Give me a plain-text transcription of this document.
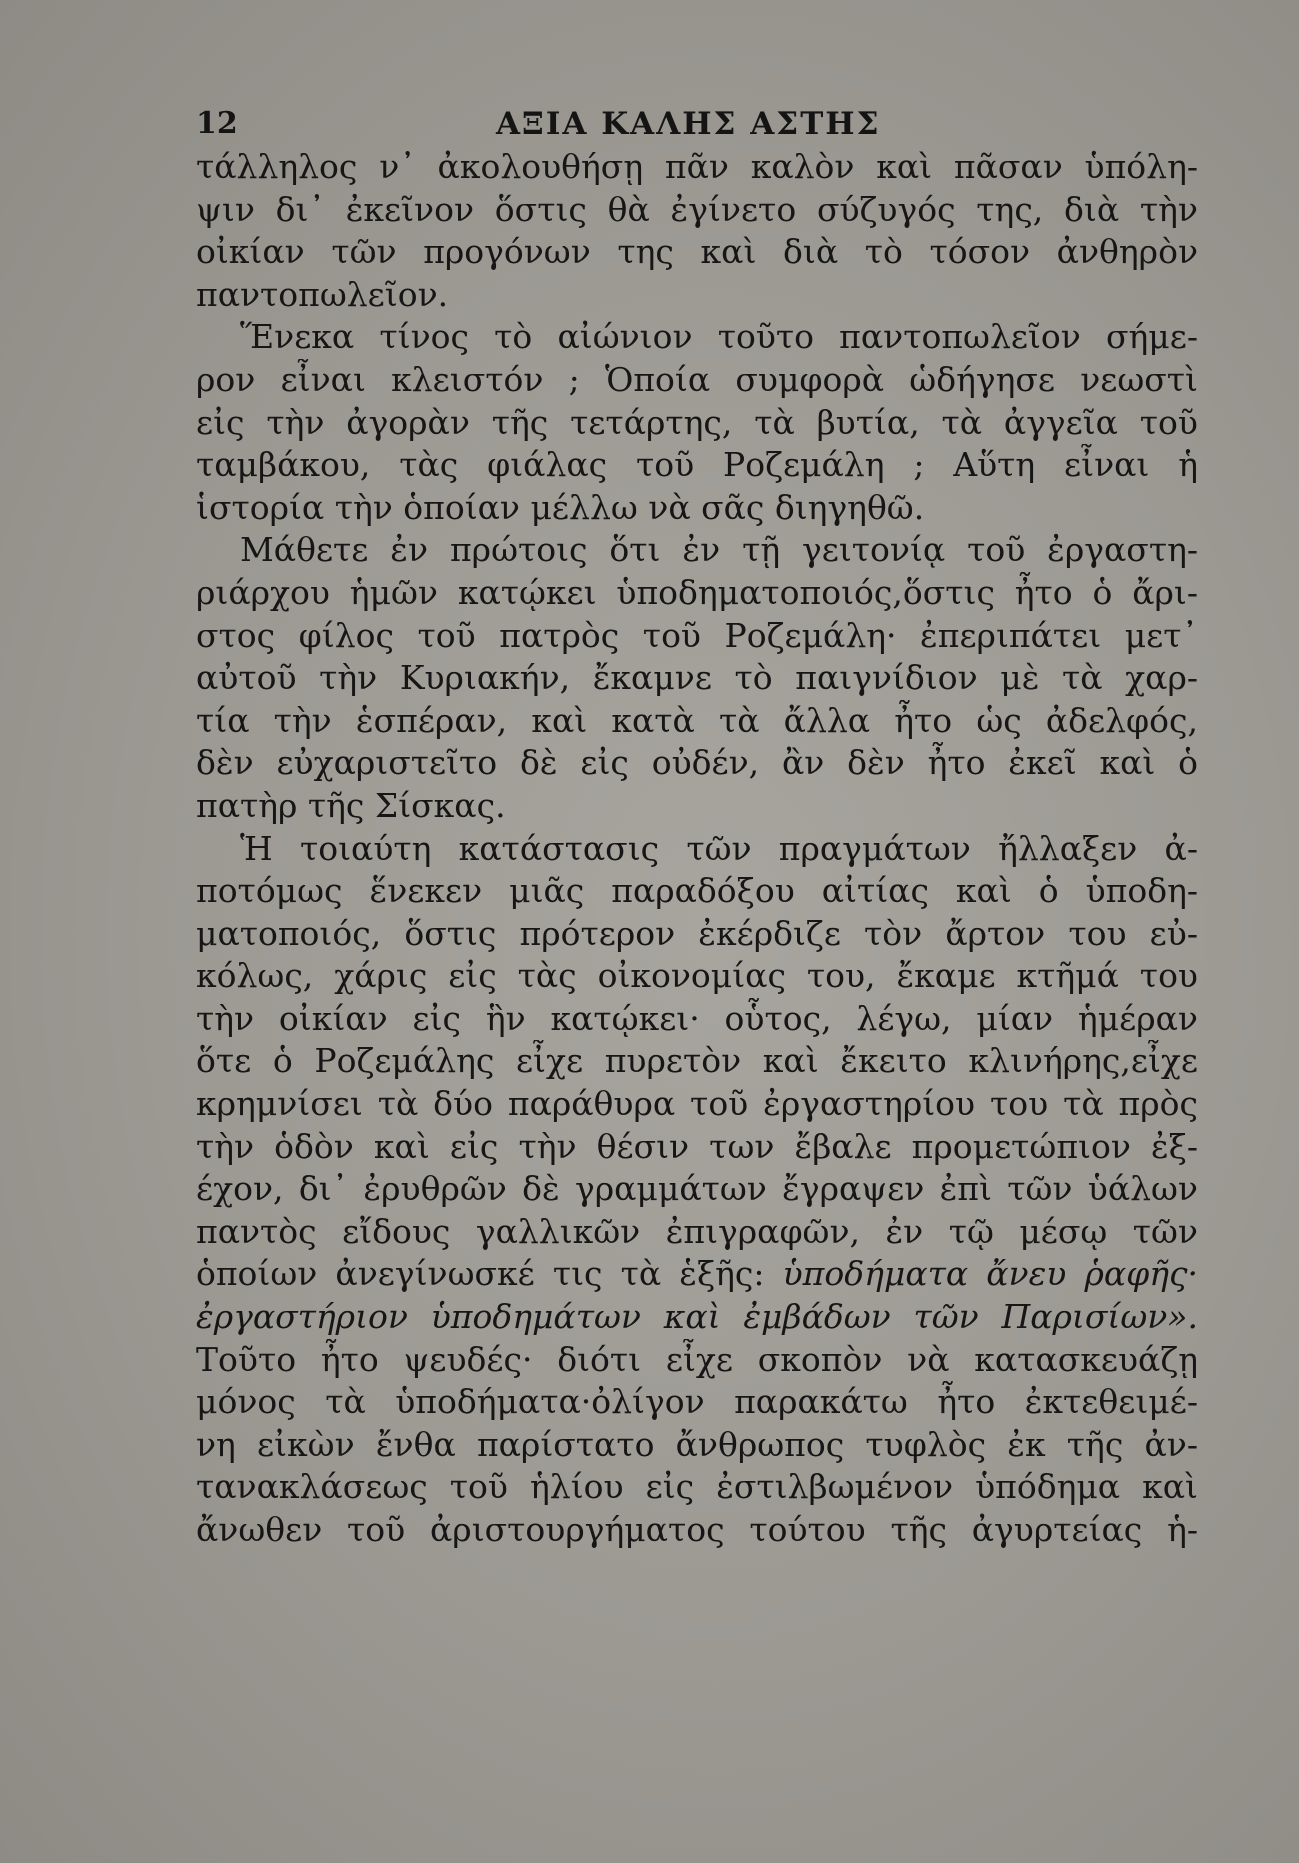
12	ΑΞΙΑ ΚΑΛΗΣ ΑΣΤΗΣ
τάλληλος ν᾽ ἀκολουθήσῃ πᾶν καλὸν καὶ πᾶσαν ὑπόλη-
ψιν δι᾽ ἐκεῖνον ὅστις θὰ ἐγίνετο σύζυγός της, διὰ τὴν
οἰκίαν τῶν προγόνων της καὶ διὰ τὸ τόσον ἀνθηρὸν
παντοπωλεῖον.
Ἕνεκα τίνος τὸ αἰώνιον τοῦτο παντοπωλεῖον σήμε-
ρον εἶναι κλειστόν ; Ὁποία συμφορὰ ὡδήγησε νεωστὶ
εἰς τὴν ἀγορὰν τῆς τετάρτης, τὰ βυτία, τὰ ἀγγεῖα τοῦ
ταμβάκου, τὰς φιάλας τοῦ Ροζεμάλη ; Αὕτη εἶναι ἡ
ἱστορία τὴν ὁποίαν μέλλω νὰ σᾶς διηγηθῶ.
Μάθετε ἐν πρώτοις ὅτι ἐν τῇ γειτονίᾳ τοῦ ἐργαστη-
ριάρχου ἡμῶν κατῴκει ὑποδηματοποιός,ὅστις ἦτο ὁ ἄρι-
στος φίλος τοῦ πατρὸς τοῦ Ροζεμάλη· ἐπεριπάτει μετ᾽
αὐτοῦ τὴν Κυριακήν, ἔκαμνε τὸ παιγνίδιον μὲ τὰ χαρ-
τία τὴν ἑσπέραν, καὶ κατὰ τὰ ἄλλα ἦτο ὡς ἀδελφός,
δὲν εὐχαριστεῖτο δὲ εἰς οὐδέν, ἂν δὲν ἦτο ἐκεῖ καὶ ὁ
πατὴρ τῆς Σίσκας.
Ἡ τοιαύτη κατάστασις τῶν πραγμάτων ἤλλαξεν ἀ-
ποτόμως ἕνεκεν μιᾶς παραδόξου αἰτίας καὶ ὁ ὑποδη-
ματοποιός, ὅστις πρότερον ἐκέρδιζε τὸν ἄρτον του εὐ-
κόλως, χάρις εἰς τὰς οἰκονομίας του, ἔκαμε κτῆμά του
τὴν οἰκίαν εἰς ἣν κατῴκει· οὗτος, λέγω, μίαν ἡμέραν
ὅτε ὁ Ροζεμάλης εἶχε πυρετὸν καὶ ἔκειτο κλινήρης,εἶχε
κρημνίσει τὰ δύο παράθυρα τοῦ ἐργαστηρίου του τὰ πρὸς
τὴν ὁδὸν καὶ εἰς τὴν θέσιν των ἔβαλε προμετώπιον ἐξ-
έχον, δι᾽ ἐρυθρῶν δὲ γραμμάτων ἔγραψεν ἐπὶ τῶν ὑάλων
παντὸς εἴδους γαλλικῶν ἐπιγραφῶν, ἐν τῷ μέσῳ τῶν
ὁποίων ἀνεγίνωσκέ τις τὰ ἑξῆς: ὑποδήματα ἄνευ ῥαφῆς·
ἐργαστήριον ὑποδημάτων καὶ ἐμβάδων τῶν Παρισίων».
Τοῦτο ἦτο ψευδές· διότι εἶχε σκοπὸν νὰ κατασκευάζῃ
μόνος τὰ ὑποδήματα·ὀλίγον παρακάτω ἦτο ἐκτεθειμέ-
νη εἰκὼν ἔνθα παρίστατο ἄνθρωπος τυφλὸς ἐκ τῆς ἀν-
τανακλάσεως τοῦ ἡλίου εἰς ἐστιλβωμένον ὑπόδημα καὶ
ἄνωθεν τοῦ ἀριστουργήματος τούτου τῆς ἀγυρτείας ἡ-
